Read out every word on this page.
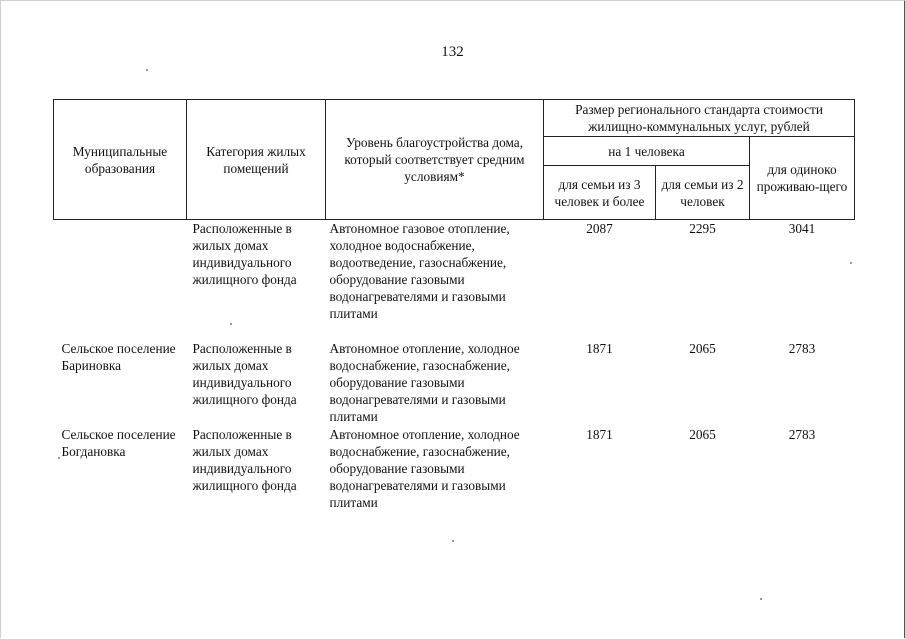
132
Муниципальные образования	Категория жилых помещений	Уровень благоустройства дома, который соответствует средним условиям*	Размер регионального стандарта стоимости жилищно-коммунальных услуг, рублей		
			на 1 человека		для одиноко проживаю-щего
			для семьи из 3 человек и более	для семьи из 2 человек	
	Расположенные в жилых домах индивидуального жилищного фонда	Автономное газовое отопление, холодное водоснабжение, водоотведение, газоснабжение, оборудование газовыми водонагревателями и газовыми плитами	2087	2295	3041
Сельское поселение Бариновка	Расположенные в жилых домах индивидуального жилищного фонда	Автономное отопление, холодное водоснабжение, газоснабжение, оборудование газовыми водонагревателями и газовыми плитами	1871	2065	2783
Сельское поселение Богдановка	Расположенные в жилых домах индивидуального жилищного фонда	Автономное отопление, холодное водоснабжение, газоснабжение, оборудование газовыми водонагревателями и газовыми плитами	1871	2065	2783
